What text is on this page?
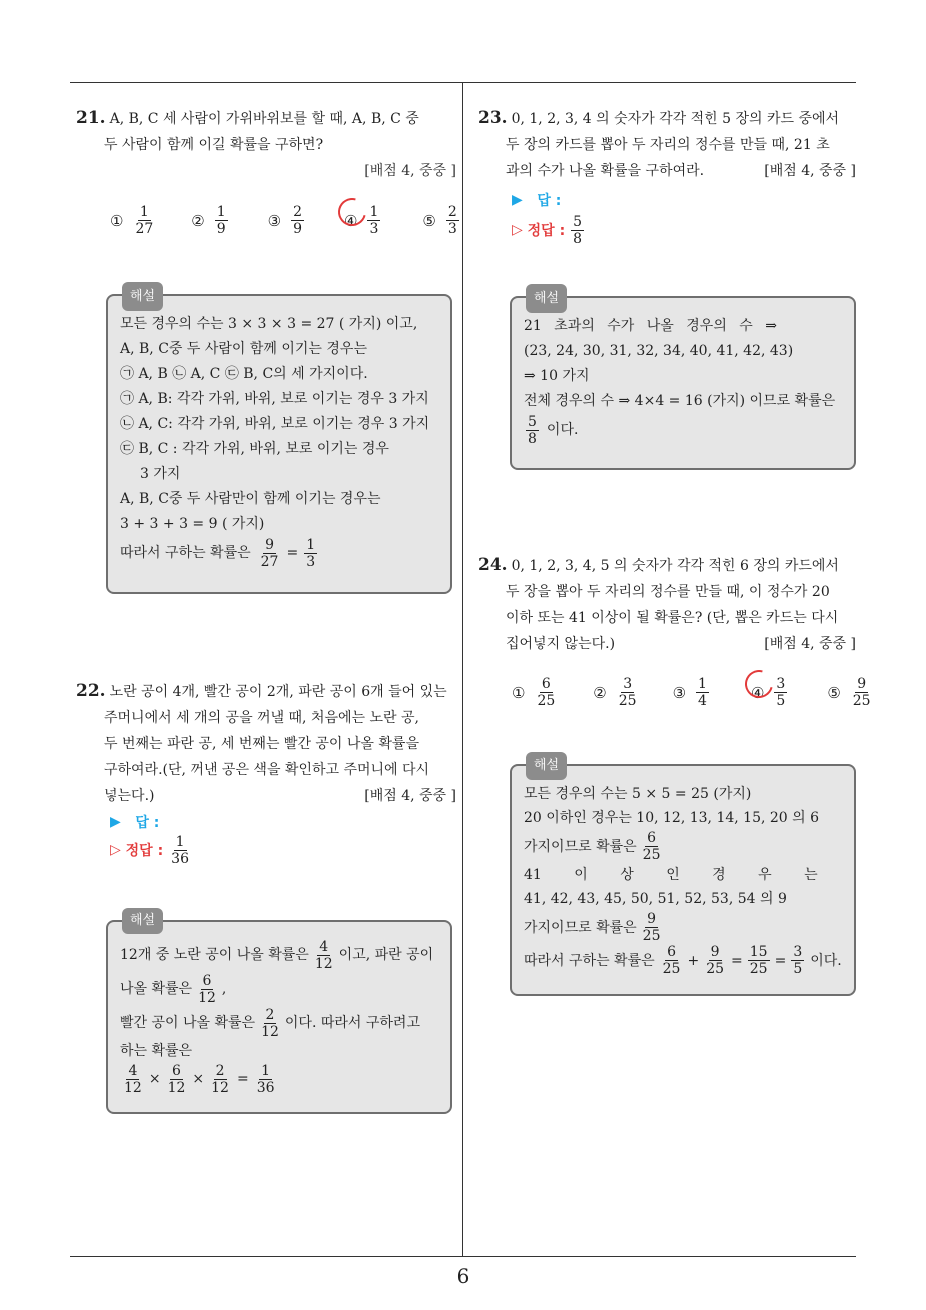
6
21. A, B, C 세 사람이 가위바위보를 할 때, A, B, C 중
두 사람이 함께 이길 확률을 구하면?
[배점 4, 중중 ]
① $\frac{1}{27}$ ② $\frac{1}{9}$	③ $\frac{2}{9}$	④ $\frac{1}{3}$	⑤ $\frac{2}{3}$
해설
모든 경우의 수는 3 × 3 × 3 = 27 ( 가지) 이고,
A, B, C중 두 사람이 함께 이기는 경우는
㉠ A, B ㉡ A, C ㉢ B, C의 세 가지이다.
㉠ A, B: 각각 가위, 바위, 보로 이기는 경우 3 가지
㉡ A, C: 각각 가위, 바위, 보로 이기는 경우 3 가지
㉢ B, C : 각각 가위, 바위, 보로 이기는 경우
3 가지
A, B, C중 두 사람만이 함께 이기는 경우는
3 + 3 + 3 = 9 ( 가지)
따라서 구하는 확률은 $\frac{9}{27} = \frac{1}{3}$
22. 노란 공이 4개, 빨간 공이 2개, 파란 공이 6개 들어 있는
주머니에서 세 개의 공을 꺼낼 때, 처음에는 노란 공,
두 번째는 파란 공, 세 번째는 빨간 공이 나올 확률을
구하여라.(단, 꺼낸 공은 색을 확인하고 주머니에 다시
넣는다.)	[배점 4, 중중 ]
▶ 답 :
▷ 정답 : $\frac{1}{36}$
해설
12개 중 노란 공이 나올 확률은 $\frac{4}{12}$ 이고, 파란 공이
나올 확률은 $\frac{6}{12}$ ,
빨간 공이 나올 확률은 $\frac{2}{12}$ 이다. 따라서 구하려고
하는 확률은
$\frac{4}{12} \times \frac{6}{12} \times \frac{2}{12} = \frac{1}{36}$
23. 0, 1, 2, 3, 4 의 숫자가 각각 적힌 5 장의 카드 중에서
두 장의 카드를 뽑아 두 자리의 정수를 만들 때, 21 초
과의 수가 나올 확률을 구하여라.	[배점 4, 중중 ]
▶ 답 :
▷ 정답 : $\frac{5}{8}$
해설
21 초과의 수가 나올 경우의 수 ⇒
(23, 24, 30, 31, 32, 34, 40, 41, 42, 43)
⇒ 10 가지
전체 경우의 수 ⇒ 4×4 = 16 (가지) 이므로 확률은
$\frac{5}{8}$ 이다.
24. 0, 1, 2, 3, 4, 5 의 숫자가 각각 적힌 6 장의 카드에서
두 장을 뽑아 두 자리의 정수를 만들 때, 이 정수가 20
이하 또는 41 이상이 될 확률은? (단, 뽑은 카드는 다시
집어넣지 않는다.)	[배점 4, 중중 ]
① $\frac{6}{25}$ ② $\frac{3}{25}$ ③ $\frac{1}{4}$	④ $\frac{3}{5}$	⑤ $\frac{9}{25}$
해설
모든 경우의 수는 5 × 5 = 25 (가지)
20 이하인 경우는 10, 12, 13, 14, 15, 20 의 6
가지이므로 확률은 $\frac{6}{25}$
41 이 상 인 경 우 는
41, 42, 43, 45, 50, 51, 52, 53, 54 의 9
가지이므로 확률은 $\frac{9}{25}$
따라서 구하는 확률은 $\frac{6}{25} + \frac{9}{25} = \frac{15}{25} = \frac{3}{5}$ 이다.
